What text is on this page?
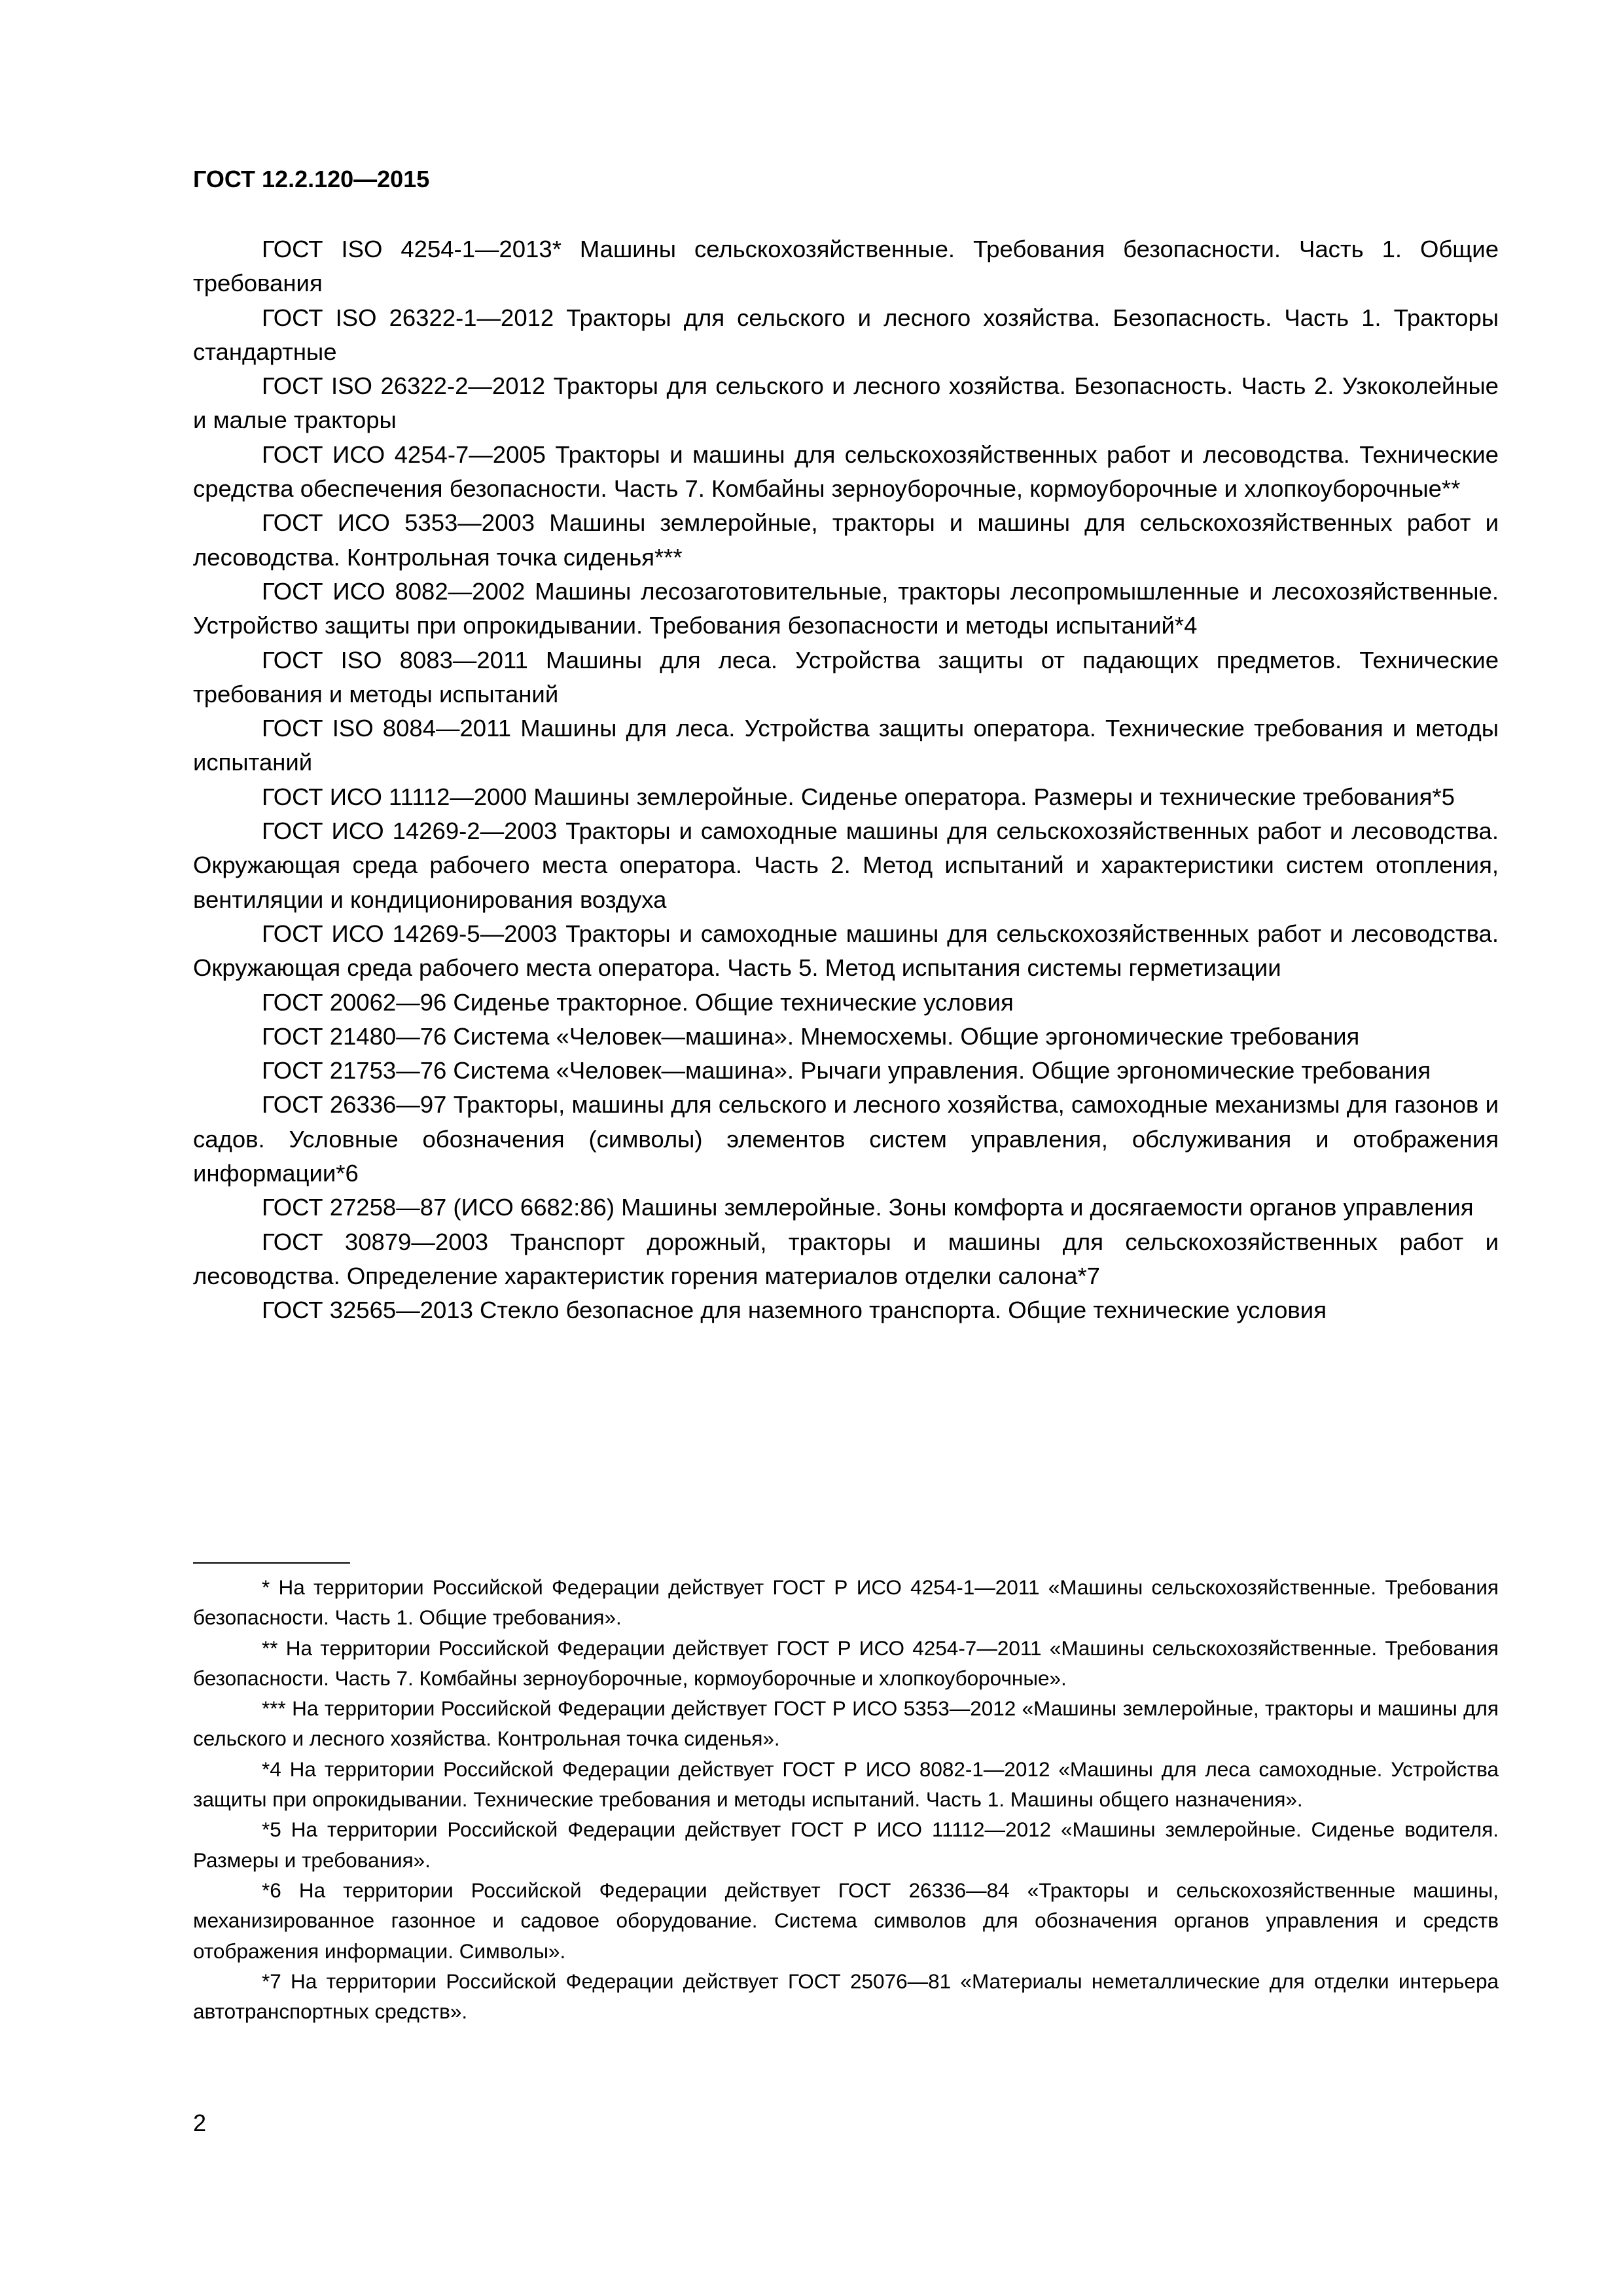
ГОСТ 12.2.120—2015

ГОСТ ISO 4254-1—2013* Машины сельскохозяйственные. Требования безопасности. Часть 1. Общие требования

ГОСТ ISO 26322-1—2012 Тракторы для сельского и лесного хозяйства. Безопасность. Часть 1. Тракторы стандартные

ГОСТ ISO 26322-2—2012 Тракторы для сельского и лесного хозяйства. Безопасность. Часть 2. Узкоколейные и малые тракторы

ГОСТ ИСО 4254-7—2005 Тракторы и машины для сельскохозяйственных работ и лесоводства. Технические средства обеспечения безопасности. Часть 7. Комбайны зерноуборочные, кормоуборочные и хлопкоуборочные**

ГОСТ ИСО 5353—2003 Машины землеройные, тракторы и машины для сельскохозяйственных работ и лесоводства. Контрольная точка сиденья***

ГОСТ ИСО 8082—2002 Машины лесозаготовительные, тракторы лесопромышленные и лесохозяйственные. Устройство защиты при опрокидывании. Требования безопасности и методы испытаний*4

ГОСТ ISO 8083—2011 Машины для леса. Устройства защиты от падающих предметов. Технические требования и методы испытаний

ГОСТ ISO 8084—2011 Машины для леса. Устройства защиты оператора. Технические требования и методы испытаний

ГОСТ ИСО 11112—2000 Машины землеройные. Сиденье оператора. Размеры и технические требования*5

ГОСТ ИСО 14269-2—2003 Тракторы и самоходные машины для сельскохозяйственных работ и лесоводства. Окружающая среда рабочего места оператора. Часть 2. Метод испытаний и характеристики систем отопления, вентиляции и кондиционирования воздуха

ГОСТ ИСО 14269-5—2003 Тракторы и самоходные машины для сельскохозяйственных работ и лесоводства. Окружающая среда рабочего места оператора. Часть 5. Метод испытания системы герметизации

ГОСТ 20062—96 Сиденье тракторное. Общие технические условия

ГОСТ 21480—76 Система «Человек—машина». Мнемосхемы. Общие эргономические требования

ГОСТ 21753—76 Система «Человек—машина». Рычаги управления. Общие эргономические требования

ГОСТ 26336—97 Тракторы, машины для сельского и лесного хозяйства, самоходные механизмы для газонов и садов. Условные обозначения (символы) элементов систем управления, обслуживания и отображения информации*6

ГОСТ 27258—87 (ИСО 6682:86) Машины землеройные. Зоны комфорта и досягаемости органов управления

ГОСТ 30879—2003 Транспорт дорожный, тракторы и машины для сельскохозяйственных работ и лесоводства. Определение характеристик горения материалов отделки салона*7

ГОСТ 32565—2013 Стекло безопасное для наземного транспорта. Общие технические условия

* На территории Российской Федерации действует ГОСТ Р ИСО 4254-1—2011 «Машины сельскохозяйственные. Требования безопасности. Часть 1. Общие требования».

** На территории Российской Федерации действует ГОСТ Р ИСО 4254-7—2011 «Машины сельскохозяйственные. Требования безопасности. Часть 7. Комбайны зерноуборочные, кормоуборочные и хлопкоуборочные».

*** На территории Российской Федерации действует ГОСТ Р ИСО 5353—2012 «Машины землеройные, тракторы и машины для сельского и лесного хозяйства. Контрольная точка сиденья».

*4 На территории Российской Федерации действует ГОСТ Р ИСО 8082-1—2012 «Машины для леса самоходные. Устройства защиты при опрокидывании. Технические требования и методы испытаний. Часть 1. Машины общего назначения».

*5 На территории Российской Федерации действует ГОСТ Р ИСО 11112—2012 «Машины землеройные. Сиденье водителя. Размеры и требования».

*6 На территории Российской Федерации действует ГОСТ 26336—84 «Тракторы и сельскохозяйственные машины, механизированное газонное и садовое оборудование. Система символов для обозначения органов управления и средств отображения информации. Символы».

*7 На территории Российской Федерации действует ГОСТ 25076—81 «Материалы неметаллические для отделки интерьера автотранспортных средств».

2
